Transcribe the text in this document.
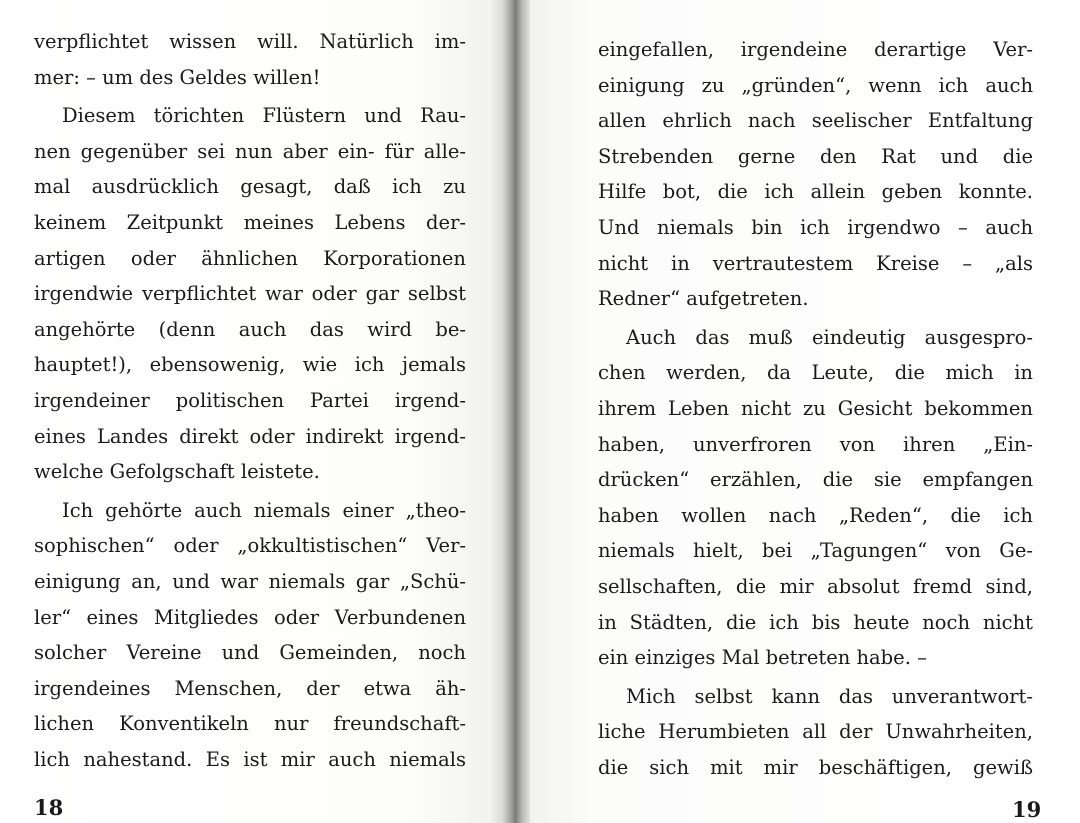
verpflichtet wissen will. Natürlich im-
mer: – um des Geldes willen!
Diesem törichten Flüstern und Rau-
nen gegenüber sei nun aber ein- für alle-
mal ausdrücklich gesagt, daß ich zu
keinem Zeitpunkt meines Lebens der-
artigen oder ähnlichen Korporationen
irgendwie verpflichtet war oder gar selbst
angehörte (denn auch das wird be-
hauptet!), ebensowenig, wie ich jemals
irgendeiner politischen Partei irgend-
eines Landes direkt oder indirekt irgend-
welche Gefolgschaft leistete.
Ich gehörte auch niemals einer „theo-
sophischen“ oder „okkultistischen“ Ver-
einigung an, und war niemals gar „Schü-
ler“ eines Mitgliedes oder Verbundenen
solcher Vereine und Gemeinden, noch
irgendeines Menschen, der etwa äh-
lichen Konventikeln nur freundschaft-
lich nahestand. Es ist mir auch niemals
18
eingefallen, irgendeine derartige Ver-
einigung zu „gründen“, wenn ich auch
allen ehrlich nach seelischer Entfaltung
Strebenden gerne den Rat und die
Hilfe bot, die ich allein geben konnte.
Und niemals bin ich irgendwo – auch
nicht in vertrautestem Kreise – „als
Redner“ aufgetreten.
Auch das muß eindeutig ausgespro-
chen werden, da Leute, die mich in
ihrem Leben nicht zu Gesicht bekommen
haben, unverfroren von ihren „Ein-
drücken“ erzählen, die sie empfangen
haben wollen nach „Reden“, die ich
niemals hielt, bei „Tagungen“ von Ge-
sellschaften, die mir absolut fremd sind,
in Städten, die ich bis heute noch nicht
ein einziges Mal betreten habe. –
Mich selbst kann das unverantwort-
liche Herumbieten all der Unwahrheiten,
die sich mit mir beschäftigen, gewiß
19
